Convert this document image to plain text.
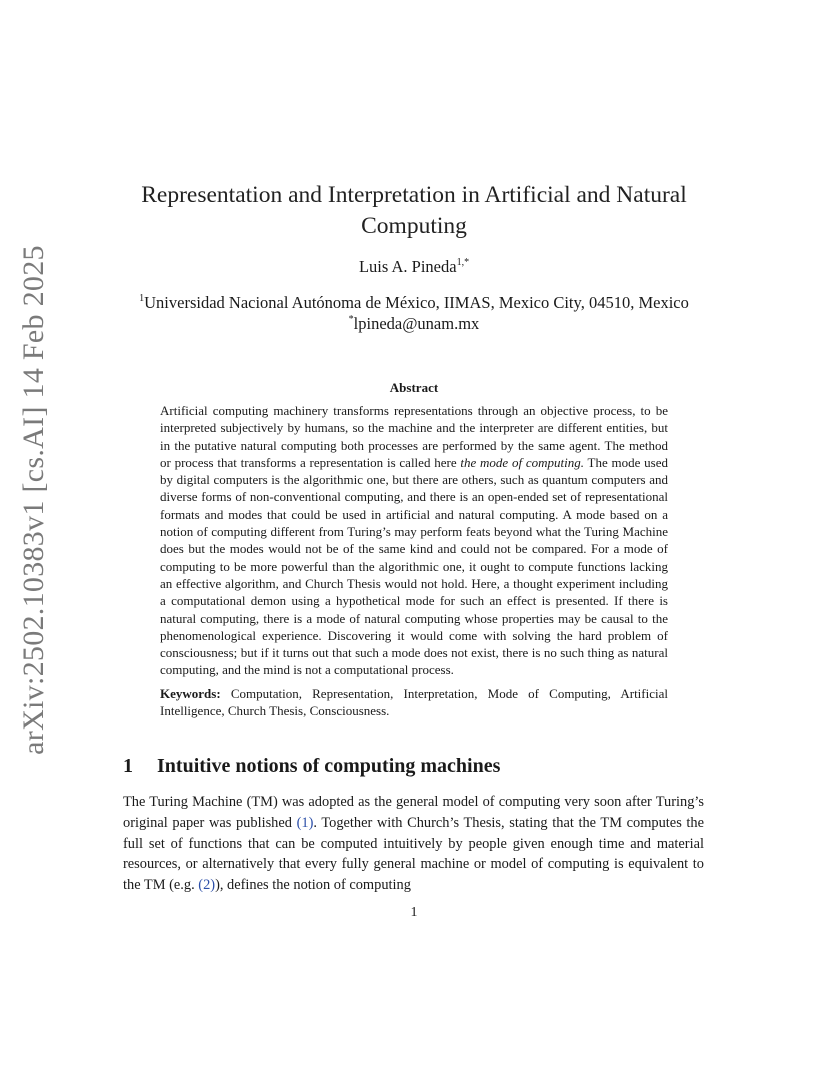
arXiv:2502.10383v1 [cs.AI] 14 Feb 2025
Representation and Interpretation in Artificial and Natural
Computing
Luis A. Pineda$^{1,*}$
$^1$Universidad Nacional Autónoma de México, IIMAS, Mexico City, 04510, Mexico
*lpineda@unam.mx
Abstract

Artificial computing machinery transforms representations through an objective process, to be interpreted subjectively by humans, so the machine and the interpreter are different entities, but in the putative natural computing both processes are performed by the same agent. The method or process that transforms a representation is called here the mode of computing. The mode used by digital computers is the algorithmic one, but there are others, such as quantum computers and diverse forms of non-conventional computing, and there is an open-ended set of representational formats and modes that could be used in artificial and natural computing. A mode based on a notion of computing different from Turing’s may perform feats beyond what the Turing Machine does but the modes would not be of the same kind and could not be compared. For a mode of computing to be more powerful than the algorithmic one, it ought to compute functions lacking an effective algorithm, and Church Thesis would not hold. Here, a thought experiment including a computational demon using a hypothetical mode for such an effect is presented. If there is natural computing, there is a mode of natural computing whose properties may be causal to the phenomenological experience. Discovering it would come with solving the hard problem of consciousness; but if it turns out that such a mode does not exist, there is no such thing as natural computing, and the mind is not a computational process.

Keywords: Computation, Representation, Interpretation, Mode of Computing, Artificial Intelligence, Church Thesis, Consciousness.

1 Intuitive notions of computing machines

The Turing Machine (TM) was adopted as the general model of computing very soon after Turing’s original paper was published (1). Together with Church’s Thesis, stating that the TM computes the full set of functions that can be computed intuitively by people given enough time and material resources, or alternatively that every fully general machine or model of computing is equivalent to the TM (e.g. (2)), defines the notion of computing

1
